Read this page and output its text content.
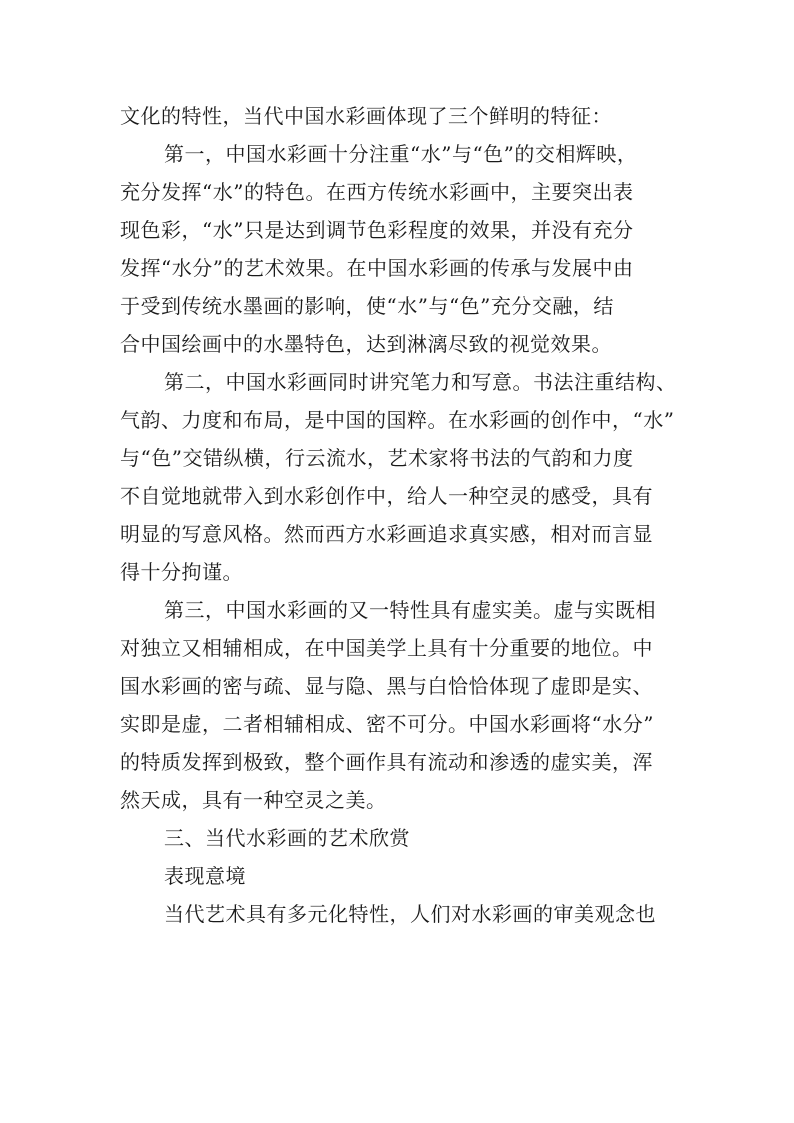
文化的特性，当代中国水彩画体现了三个鲜明的特征：
第一，中国水彩画十分注重“水”与“色”的交相辉映，
充分发挥“水”的特色。在西方传统水彩画中，主要突出表
现色彩，“水”只是达到调节色彩程度的效果，并没有充分
发挥“水分”的艺术效果。在中国水彩画的传承与发展中由
于受到传统水墨画的影响，使“水”与“色”充分交融，结
合中国绘画中的水墨特色，达到淋漓尽致的视觉效果。
第二，中国水彩画同时讲究笔力和写意。书法注重结构、
气韵、力度和布局，是中国的国粹。在水彩画的创作中，“水”
与“色”交错纵横，行云流水，艺术家将书法的气韵和力度
不自觉地就带入到水彩创作中，给人一种空灵的感受，具有
明显的写意风格。然而西方水彩画追求真实感，相对而言显
得十分拘谨。
第三，中国水彩画的又一特性具有虚实美。虚与实既相
对独立又相辅相成，在中国美学上具有十分重要的地位。中
国水彩画的密与疏、显与隐、黑与白恰恰体现了虚即是实、
实即是虚，二者相辅相成、密不可分。中国水彩画将“水分”
的特质发挥到极致，整个画作具有流动和渗透的虚实美，浑
然天成，具有一种空灵之美。
三、当代水彩画的艺术欣赏
表现意境
当代艺术具有多元化特性，人们对水彩画的审美观念也
